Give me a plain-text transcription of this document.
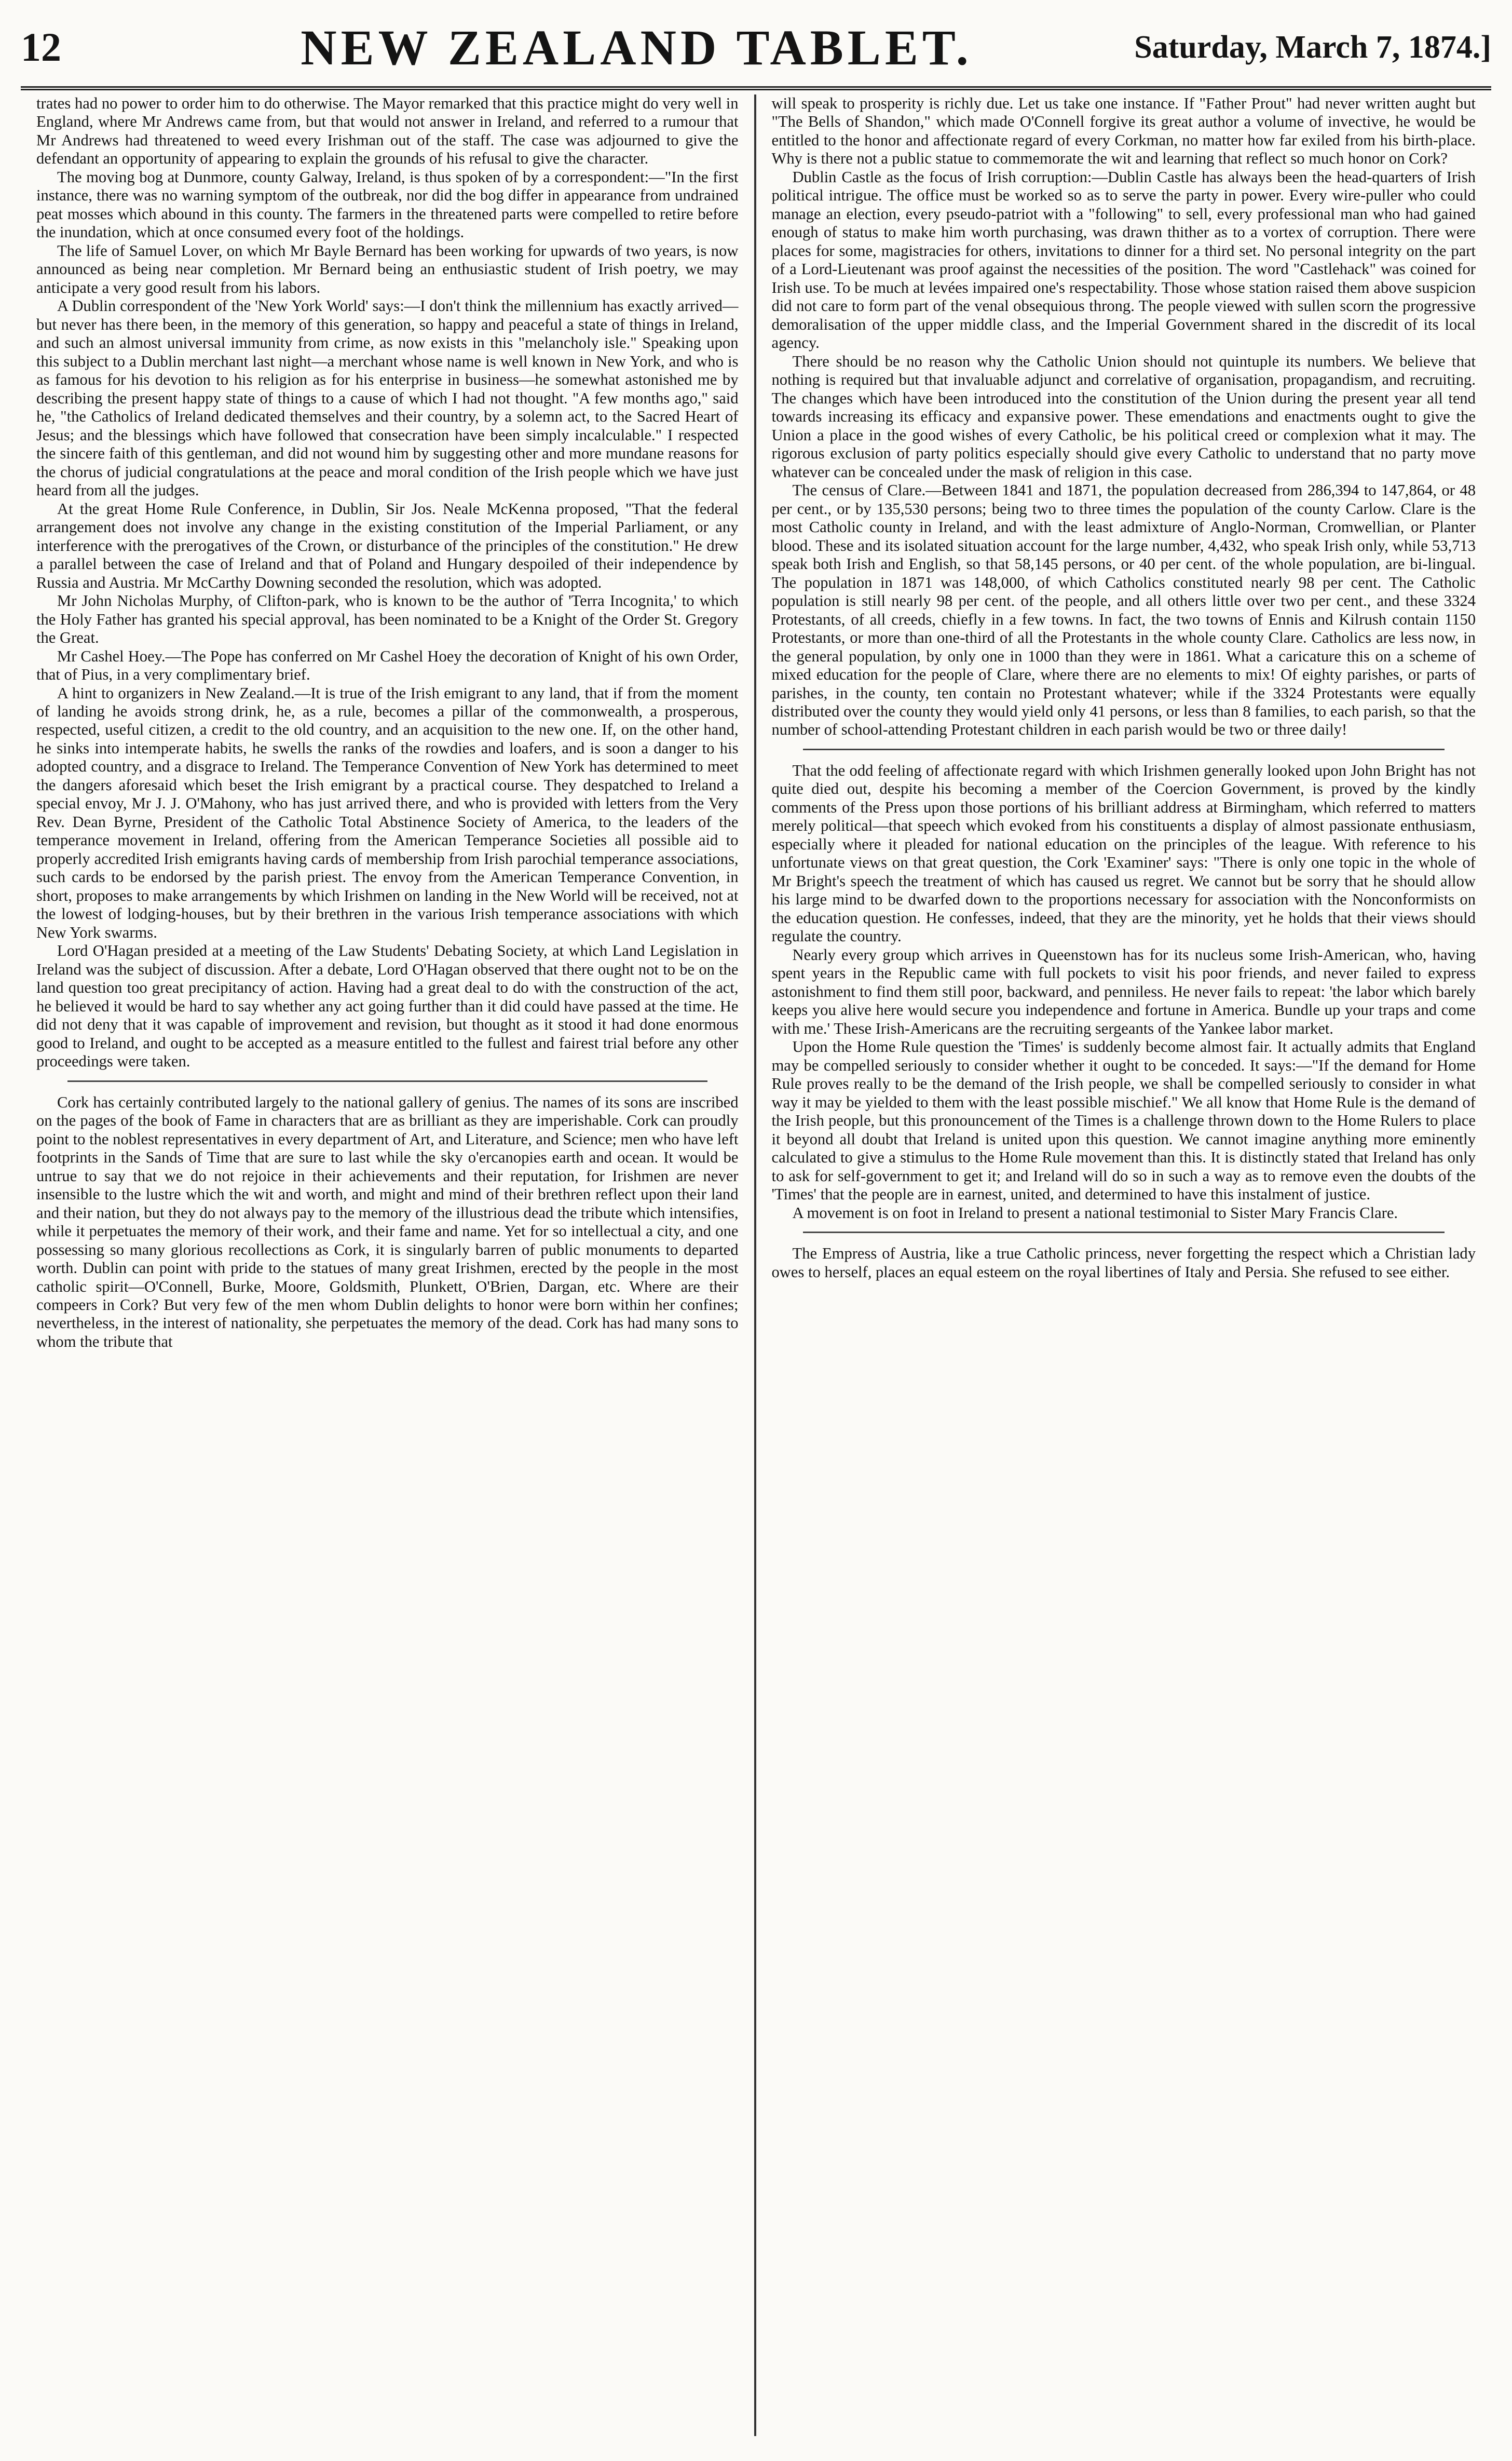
12	NEW ZEALAND TABLET.	Saturday, March 7, 1874.]

trates had no power to order him to do otherwise. The Mayor remarked that this practice might do very well in England, where Mr Andrews came from, but that would not answer in Ireland, and referred to a rumour that Mr Andrews had threatened to weed every Irishman out of the staff. The case was adjourned to give the defendant an opportunity of appearing to explain the grounds of his refusal to give the character.

The moving bog at Dunmore, county Galway, Ireland, is thus spoken of by a correspondent:—"In the first instance, there was no warning symptom of the outbreak, nor did the bog differ in appearance from undrained peat mosses which abound in this county. The farmers in the threatened parts were compelled to retire before the inundation, which at once consumed every foot of the holdings.

The life of Samuel Lover, on which Mr Bayle Bernard has been working for upwards of two years, is now announced as being near completion. Mr Bernard being an enthusiastic student of Irish poetry, we may anticipate a very good result from his labors.

A Dublin correspondent of the 'New York World' says:—I don't think the millennium has exactly arrived—but never has there been, in the memory of this generation, so happy and peaceful a state of things in Ireland, and such an almost universal immunity from crime, as now exists in this "melancholy isle." Speaking upon this subject to a Dublin merchant last night—a merchant whose name is well known in New York, and who is as famous for his devotion to his religion as for his enterprise in business—he somewhat astonished me by describing the present happy state of things to a cause of which I had not thought. "A few months ago," said he, "the Catholics of Ireland dedicated themselves and their country, by a solemn act, to the Sacred Heart of Jesus; and the blessings which have followed that consecration have been simply incalculable." I respected the sincere faith of this gentleman, and did not wound him by suggesting other and more mundane reasons for the chorus of judicial congratulations at the peace and moral condition of the Irish people which we have just heard from all the judges.

At the great Home Rule Conference, in Dublin, Sir Jos. Neale McKenna proposed, "That the federal arrangement does not involve any change in the existing constitution of the Imperial Parliament, or any interference with the prerogatives of the Crown, or disturbance of the principles of the constitution." He drew a parallel between the case of Ireland and that of Poland and Hungary despoiled of their independence by Russia and Austria. Mr McCarthy Downing seconded the resolution, which was adopted.

Mr John Nicholas Murphy, of Clifton-park, who is known to be the author of 'Terra Incognita,' to which the Holy Father has granted his special approval, has been nominated to be a Knight of the Order St. Gregory the Great.

Mr Cashel Hoey.—The Pope has conferred on Mr Cashel Hoey the decoration of Knight of his own Order, that of Pius, in a very complimentary brief.

A hint to organizers in New Zealand.—It is true of the Irish emigrant to any land, that if from the moment of landing he avoids strong drink, he, as a rule, becomes a pillar of the commonwealth, a prosperous, respected, useful citizen, a credit to the old country, and an acquisition to the new one. If, on the other hand, he sinks into intemperate habits, he swells the ranks of the rowdies and loafers, and is soon a danger to his adopted country, and a disgrace to Ireland. The Temperance Convention of New York has determined to meet the dangers aforesaid which beset the Irish emigrant by a practical course. They despatched to Ireland a special envoy, Mr J. J. O'Mahony, who has just arrived there, and who is provided with letters from the Very Rev. Dean Byrne, President of the Catholic Total Abstinence Society of America, to the leaders of the temperance movement in Ireland, offering from the American Temperance Societies all possible aid to properly accredited Irish emigrants having cards of membership from Irish parochial temperance associations, such cards to be endorsed by the parish priest. The envoy from the American Temperance Convention, in short, proposes to make arrangements by which Irishmen on landing in the New World will be received, not at the lowest of lodging-houses, but by their brethren in the various Irish temperance associations with which New York swarms.

Lord O'Hagan presided at a meeting of the Law Students' Debating Society, at which Land Legislation in Ireland was the subject of discussion. After a debate, Lord O'Hagan observed that there ought not to be on the land question too great precipitancy of action. Having had a great deal to do with the construction of the act, he believed it would be hard to say whether any act going further than it did could have passed at the time. He did not deny that it was capable of improvement and revision, but thought as it stood it had done enormous good to Ireland, and ought to be accepted as a measure entitled to the fullest and fairest trial before any other proceedings were taken.

Cork has certainly contributed largely to the national gallery of genius. The names of its sons are inscribed on the pages of the book of Fame in characters that are as brilliant as they are imperishable. Cork can proudly point to the noblest representatives in every department of Art, and Literature, and Science; men who have left footprints in the Sands of Time that are sure to last while the sky o'ercanopies earth and ocean. It would be untrue to say that we do not rejoice in their achievements and their reputation, for Irishmen are never insensible to the lustre which the wit and worth, and might and mind of their brethren reflect upon their land and their nation, but they do not always pay to the memory of the illustrious dead the tribute which intensifies, while it perpetuates the memory of their work, and their fame and name. Yet for so intellectual a city, and one possessing so many glorious recollections as Cork, it is singularly barren of public monuments to departed worth. Dublin can point with pride to the statues of many great Irishmen, erected by the people in the most catholic spirit—O'Connell, Burke, Moore, Goldsmith, Plunkett, O'Brien, Dargan, etc. Where are their compeers in Cork? But very few of the men whom Dublin delights to honor were born within her confines; nevertheless, in the interest of nationality, she perpetuates the memory of the dead. Cork has had many sons to whom the tribute that

will speak to prosperity is richly due. Let us take one instance. If "Father Prout" had never written aught but "The Bells of Shandon," which made O'Connell forgive its great author a volume of invective, he would be entitled to the honor and affectionate regard of every Corkman, no matter how far exiled from his birth-place. Why is there not a public statue to commemorate the wit and learning that reflect so much honor on Cork?

Dublin Castle as the focus of Irish corruption:—Dublin Castle has always been the head-quarters of Irish political intrigue. The office must be worked so as to serve the party in power. Every wire-puller who could manage an election, every pseudo-patriot with a "following" to sell, every professional man who had gained enough of status to make him worth purchasing, was drawn thither as to a vortex of corruption. There were places for some, magistracies for others, invitations to dinner for a third set. No personal integrity on the part of a Lord-Lieutenant was proof against the necessities of the position. The word "Castlehack" was coined for Irish use. To be much at levées impaired one's respectability. Those whose station raised them above suspicion did not care to form part of the venal obsequious throng. The people viewed with sullen scorn the progressive demoralisation of the upper middle class, and the Imperial Government shared in the discredit of its local agency.

There should be no reason why the Catholic Union should not quintuple its numbers. We believe that nothing is required but that invaluable adjunct and correlative of organisation, propagandism, and recruiting. The changes which have been introduced into the constitution of the Union during the present year all tend towards increasing its efficacy and expansive power. These emendations and enactments ought to give the Union a place in the good wishes of every Catholic, be his political creed or complexion what it may. The rigorous exclusion of party politics especially should give every Catholic to understand that no party move whatever can be concealed under the mask of religion in this case.

The census of Clare.—Between 1841 and 1871, the population decreased from 286,394 to 147,864, or 48 per cent., or by 135,530 persons; being two to three times the population of the county Carlow. Clare is the most Catholic county in Ireland, and with the least admixture of Anglo-Norman, Cromwellian, or Planter blood. These and its isolated situation account for the large number, 4,432, who speak Irish only, while 53,713 speak both Irish and English, so that 58,145 persons, or 40 per cent. of the whole population, are bi-lingual. The population in 1871 was 148,000, of which Catholics constituted nearly 98 per cent. The Catholic population is still nearly 98 per cent. of the people, and all others little over two per cent., and these 3324 Protestants, of all creeds, chiefly in a few towns. In fact, the two towns of Ennis and Kilrush contain 1150 Protestants, or more than one-third of all the Protestants in the whole county Clare. Catholics are less now, in the general population, by only one in 1000 than they were in 1861. What a caricature this on a scheme of mixed education for the people of Clare, where there are no elements to mix! Of eighty parishes, or parts of parishes, in the county, ten contain no Protestant whatever; while if the 3324 Protestants were equally distributed over the county they would yield only 41 persons, or less than 8 families, to each parish, so that the number of school-attending Protestant children in each parish would be two or three daily!

That the odd feeling of affectionate regard with which Irishmen generally looked upon John Bright has not quite died out, despite his becoming a member of the Coercion Government, is proved by the kindly comments of the Press upon those portions of his brilliant address at Birmingham, which referred to matters merely political—that speech which evoked from his constituents a display of almost passionate enthusiasm, especially where it pleaded for national education on the principles of the league. With reference to his unfortunate views on that great question, the Cork 'Examiner' says: "There is only one topic in the whole of Mr Bright's speech the treatment of which has caused us regret. We cannot but be sorry that he should allow his large mind to be dwarfed down to the proportions necessary for association with the Nonconformists on the education question. He confesses, indeed, that they are the minority, yet he holds that their views should regulate the country.

Nearly every group which arrives in Queenstown has for its nucleus some Irish-American, who, having spent years in the Republic came with full pockets to visit his poor friends, and never failed to express astonishment to find them still poor, backward, and penniless. He never fails to repeat: 'the labor which barely keeps you alive here would secure you independence and fortune in America. Bundle up your traps and come with me.' These Irish-Americans are the recruiting sergeants of the Yankee labor market.

Upon the Home Rule question the 'Times' is suddenly become almost fair. It actually admits that England may be compelled seriously to consider whether it ought to be conceded. It says:—"If the demand for Home Rule proves really to be the demand of the Irish people, we shall be compelled seriously to consider in what way it may be yielded to them with the least possible mischief." We all know that Home Rule is the demand of the Irish people, but this pronouncement of the Times is a challenge thrown down to the Home Rulers to place it beyond all doubt that Ireland is united upon this question. We cannot imagine anything more eminently calculated to give a stimulus to the Home Rule movement than this. It is distinctly stated that Ireland has only to ask for self-government to get it; and Ireland will do so in such a way as to remove even the doubts of the 'Times' that the people are in earnest, united, and determined to have this instalment of justice.

A movement is on foot in Ireland to present a national testimonial to Sister Mary Francis Clare.

The Empress of Austria, like a true Catholic princess, never forgetting the respect which a Christian lady owes to herself, places an equal esteem on the royal libertines of Italy and Persia. She refused to see either.
